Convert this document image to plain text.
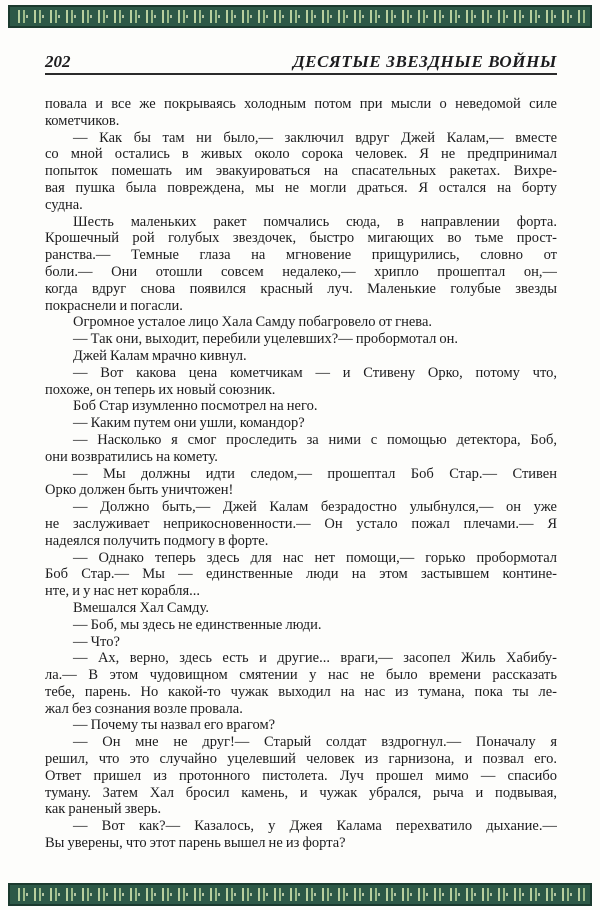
202	ДЕСЯТЫЕ ЗВЕЗДНЫЕ ВОЙНЫ
повала и все же покрываясь холодным потом при мысли о неведомой силе
кометчиков.
— Как бы там ни было,— заключил вдруг Джей Калам,— вместе
со мной остались в живых около сорока человек. Я не предпринимал
попыток помешать им эвакуироваться на спасательных ракетах. Вихре-
вая пушка была повреждена, мы не могли драться. Я остался на борту
судна.
Шесть маленьких ракет помчались сюда, в направлении форта.
Крошечный рой голубых звездочек, быстро мигающих во тьме прост-
ранства.— Темные глаза на мгновение прищурились, словно от
боли.— Они отошли совсем недалеко,— хрипло прошептал он,—
когда вдруг снова появился красный луч. Маленькие голубые звезды
покраснели и погасли.
Огромное усталое лицо Хала Самду побагровело от гнева.
— Так они, выходит, перебили уцелевших?— пробормотал он.
Джей Калам мрачно кивнул.
— Вот какова цена кометчикам — и Стивену Орко, потому что,
похоже, он теперь их новый союзник.
Боб Стар изумленно посмотрел на него.
— Каким путем они ушли, командор?
— Насколько я смог проследить за ними с помощью детектора, Боб,
они возвратились на комету.
— Мы должны идти следом,— прошептал Боб Стар.— Стивен
Орко должен быть уничтожен!
— Должно быть,— Джей Калам безрадостно улыбнулся,— он уже
не заслуживает неприкосновенности.— Он устало пожал плечами.— Я
надеялся получить подмогу в форте.
— Однако теперь здесь для нас нет помощи,— горько пробормотал
Боб Стар.— Мы — единственные люди на этом застывшем контине-
нте, и у нас нет корабля...
Вмешался Хал Самду.
— Боб, мы здесь не единственные люди.
— Что?
— Ах, верно, здесь есть и другие... враги,— засопел Жиль Хабибу-
ла.— В этом чудовищном смятении у нас не было времени рассказать
тебе, парень. Но какой-то чужак выходил на нас из тумана, пока ты ле-
жал без сознания возле провала.
— Почему ты назвал его врагом?
— Он мне не друг!— Старый солдат вздрогнул.— Поначалу я
решил, что это случайно уцелевший человек из гарнизона, и позвал его.
Ответ пришел из протонного пистолета. Луч прошел мимо — спасибо
туману. Затем Хал бросил камень, и чужак убрался, рыча и подвывая,
как раненый зверь.
— Вот как?— Казалось, у Джея Калама перехватило дыхание.—
Вы уверены, что этот парень вышел не из форта?
